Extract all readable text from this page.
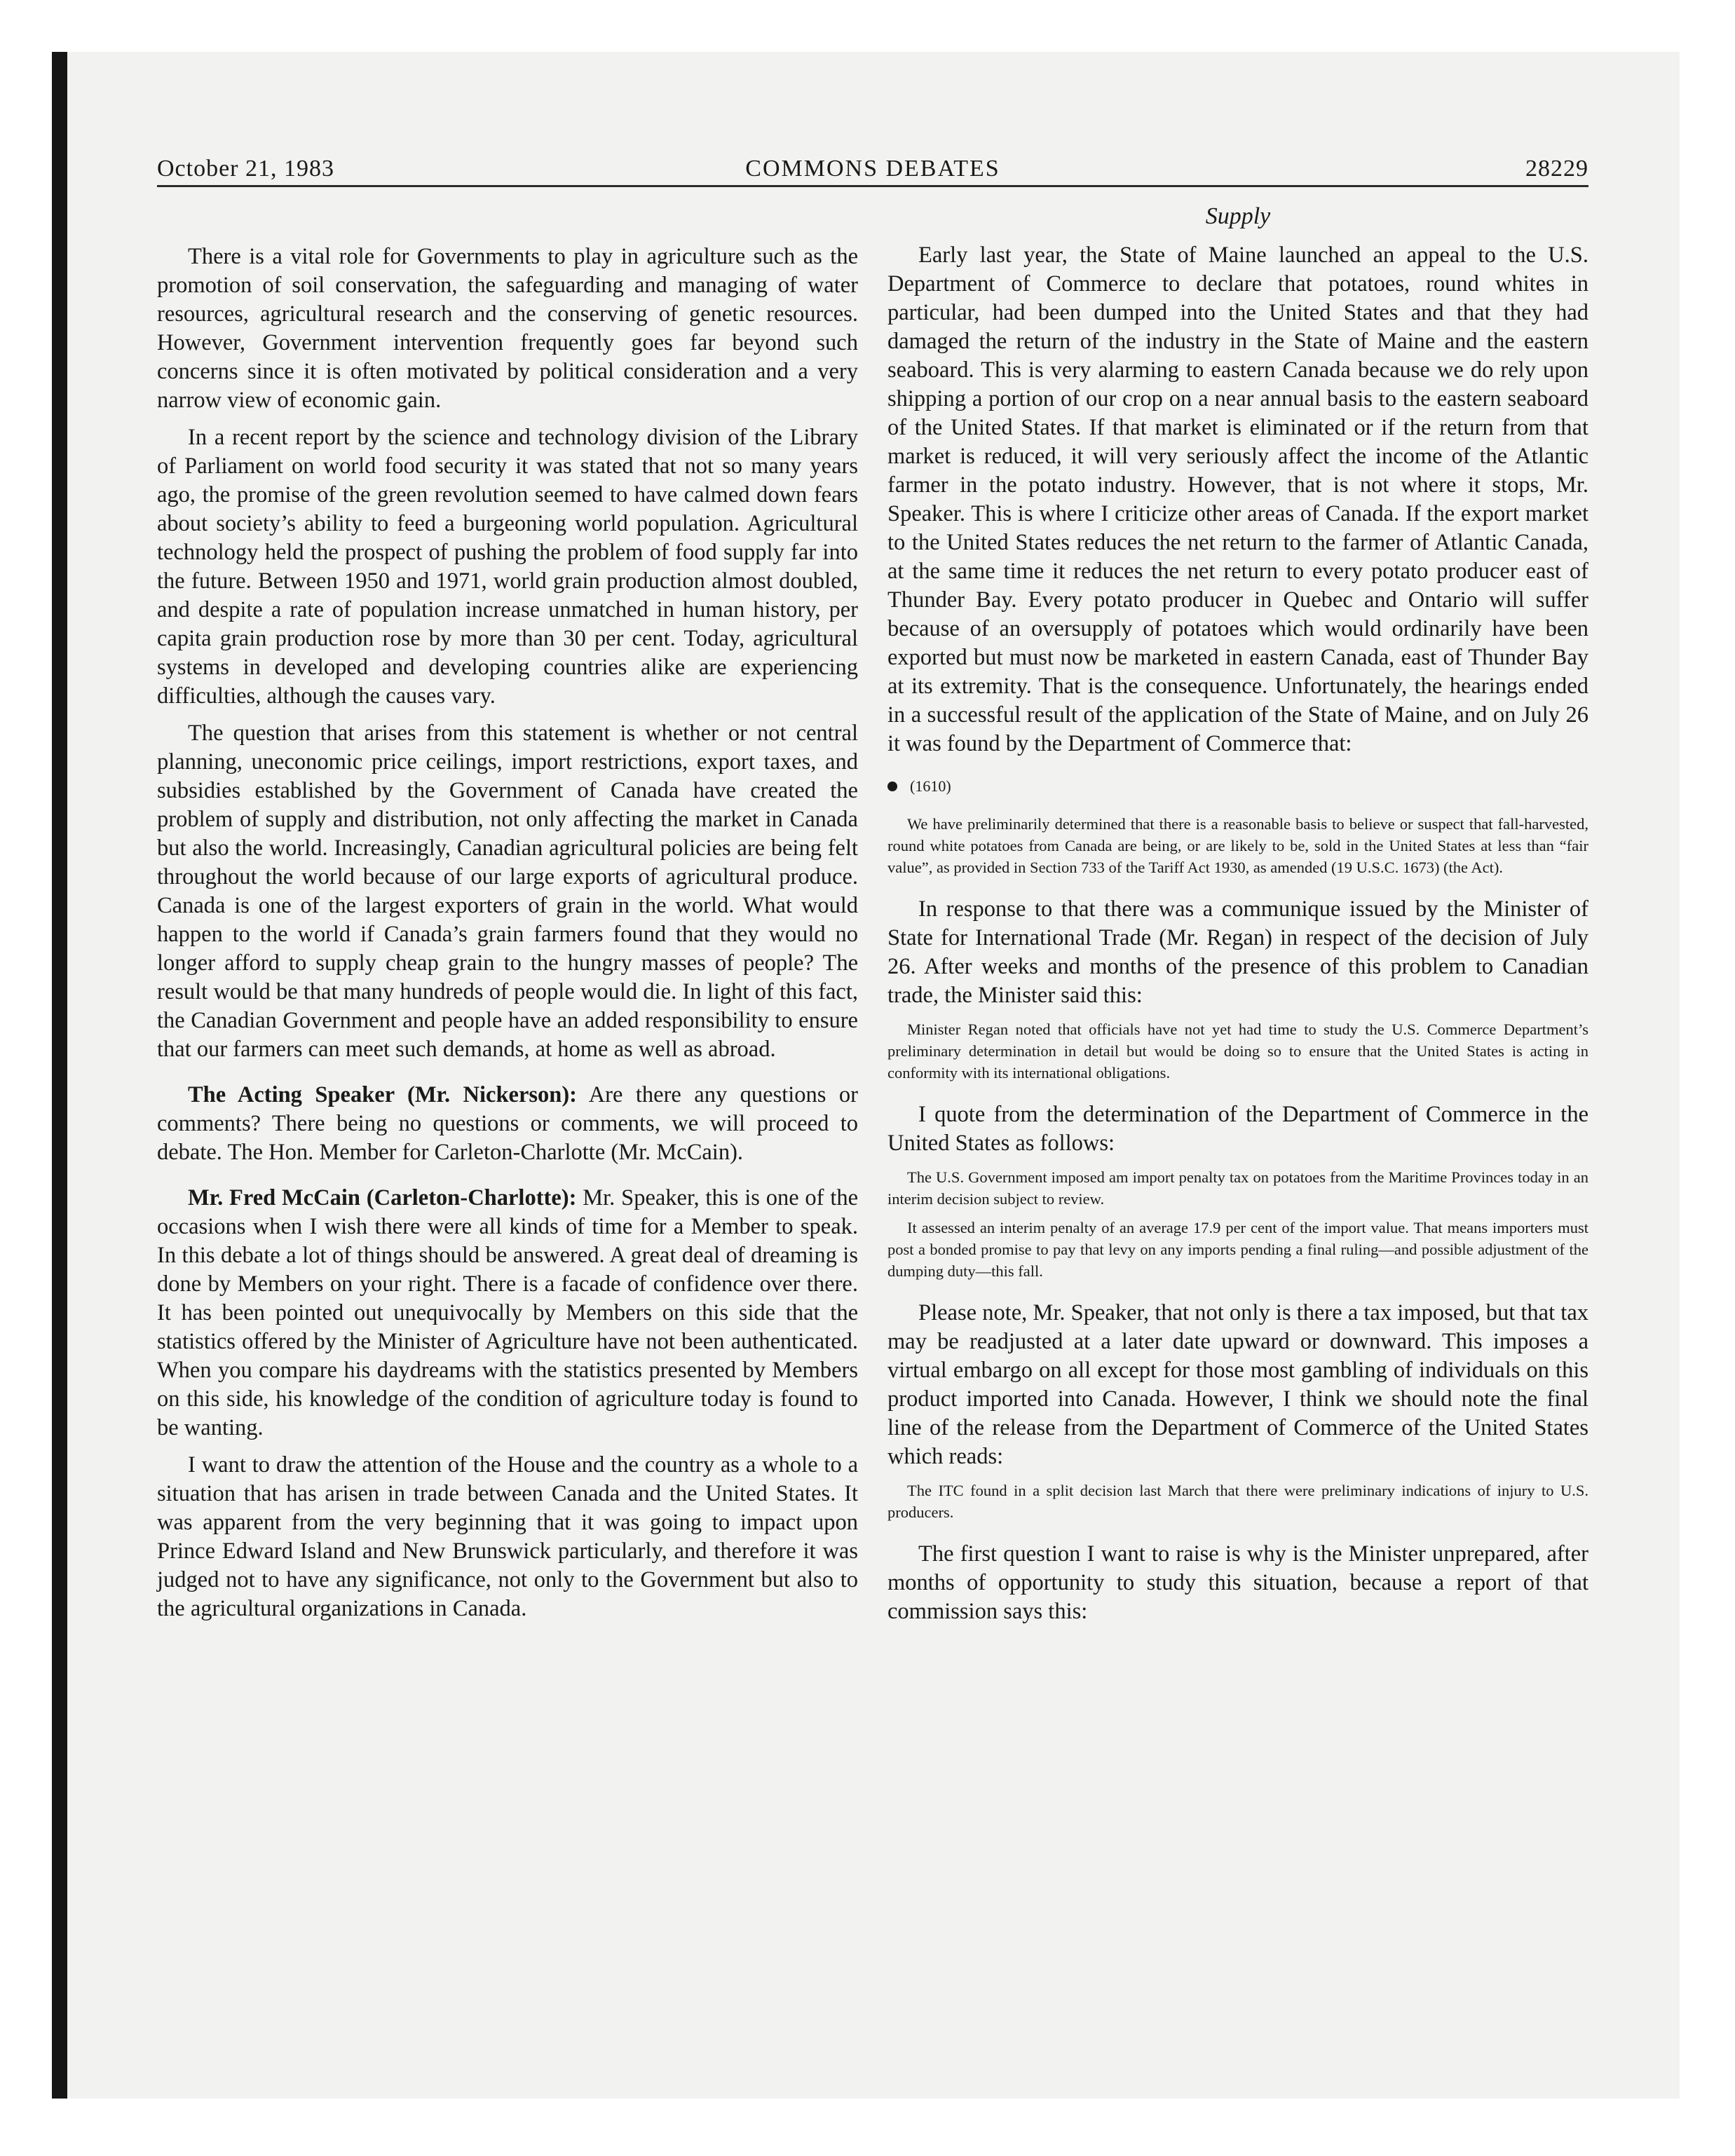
October 21, 1983	COMMONS DEBATES	28229

There is a vital role for Governments to play in agriculture such as the promotion of soil conservation, the safeguarding and managing of water resources, agricultural research and the conserving of genetic resources. However, Government intervention frequently goes far beyond such concerns since it is often motivated by political consideration and a very narrow view of economic gain.

In a recent report by the science and technology division of the Library of Parliament on world food security it was stated that not so many years ago, the promise of the green revolution seemed to have calmed down fears about society’s ability to feed a burgeoning world population. Agricultural technology held the prospect of pushing the problem of food supply far into the future. Between 1950 and 1971, world grain production almost doubled, and despite a rate of population increase unmatched in human history, per capita grain production rose by more than 30 per cent. Today, agricultural systems in developed and developing countries alike are experiencing difficulties, although the causes vary.

The question that arises from this statement is whether or not central planning, uneconomic price ceilings, import restrictions, export taxes, and subsidies established by the Government of Canada have created the problem of supply and distribution, not only affecting the market in Canada but also the world. Increasingly, Canadian agricultural policies are being felt throughout the world because of our large exports of agricultural produce. Canada is one of the largest exporters of grain in the world. What would happen to the world if Canada’s grain farmers found that they would no longer afford to supply cheap grain to the hungry masses of people? The result would be that many hundreds of people would die. In light of this fact, the Canadian Government and people have an added responsibility to ensure that our farmers can meet such demands, at home as well as abroad.

The Acting Speaker (Mr. Nickerson): Are there any questions or comments? There being no questions or comments, we will proceed to debate. The Hon. Member for Carleton-Charlotte (Mr. McCain).

Mr. Fred McCain (Carleton-Charlotte): Mr. Speaker, this is one of the occasions when I wish there were all kinds of time for a Member to speak. In this debate a lot of things should be answered. A great deal of dreaming is done by Members on your right. There is a facade of confidence over there. It has been pointed out unequivocally by Members on this side that the statistics offered by the Minister of Agriculture have not been authenticated. When you compare his daydreams with the statistics presented by Members on this side, his knowledge of the condition of agriculture today is found to be wanting.

I want to draw the attention of the House and the country as a whole to a situation that has arisen in trade between Canada and the United States. It was apparent from the very beginning that it was going to impact upon Prince Edward Island and New Brunswick particularly, and therefore it was judged not to have any significance, not only to the Government but also to the agricultural organizations in Canada.

Supply

Early last year, the State of Maine launched an appeal to the U.S. Department of Commerce to declare that potatoes, round whites in particular, had been dumped into the United States and that they had damaged the return of the industry in the State of Maine and the eastern seaboard. This is very alarming to eastern Canada because we do rely upon shipping a portion of our crop on a near annual basis to the eastern seaboard of the United States. If that market is eliminated or if the return from that market is reduced, it will very seriously affect the income of the Atlantic farmer in the potato industry. However, that is not where it stops, Mr. Speaker. This is where I criticize other areas of Canada. If the export market to the United States reduces the net return to the farmer of Atlantic Canada, at the same time it reduces the net return to every potato producer east of Thunder Bay. Every potato producer in Quebec and Ontario will suffer because of an oversupply of potatoes which would ordinarily have been exported but must now be marketed in eastern Canada, east of Thunder Bay at its extremity. That is the consequence. Unfortunately, the hearings ended in a successful result of the application of the State of Maine, and on July 26 it was found by the Department of Commerce that:

(1610)
We have preliminarily determined that there is a reasonable basis to believe or suspect that fall-harvested, round white potatoes from Canada are being, or are likely to be, sold in the United States at less than “fair value”, as provided in Section 733 of the Tariff Act 1930, as amended (19 U.S.C. 1673) (the Act).

In response to that there was a communique issued by the Minister of State for International Trade (Mr. Regan) in respect of the decision of July 26. After weeks and months of the presence of this problem to Canadian trade, the Minister said this:

Minister Regan noted that officials have not yet had time to study the U.S. Commerce Department’s preliminary determination in detail but would be doing so to ensure that the United States is acting in conformity with its international obligations.

I quote from the determination of the Department of Commerce in the United States as follows:

The U.S. Government imposed am import penalty tax on potatoes from the Maritime Provinces today in an interim decision subject to review.
It assessed an interim penalty of an average 17.9 per cent of the import value. That means importers must post a bonded promise to pay that levy on any imports pending a final ruling—and possible adjustment of the dumping duty—this fall.

Please note, Mr. Speaker, that not only is there a tax imposed, but that tax may be readjusted at a later date upward or downward. This imposes a virtual embargo on all except for those most gambling of individuals on this product imported into Canada. However, I think we should note the final line of the release from the Department of Commerce of the United States which reads:

The ITC found in a split decision last March that there were preliminary indications of injury to U.S. producers.

The first question I want to raise is why is the Minister unprepared, after months of opportunity to study this situation, because a report of that commission says this:
